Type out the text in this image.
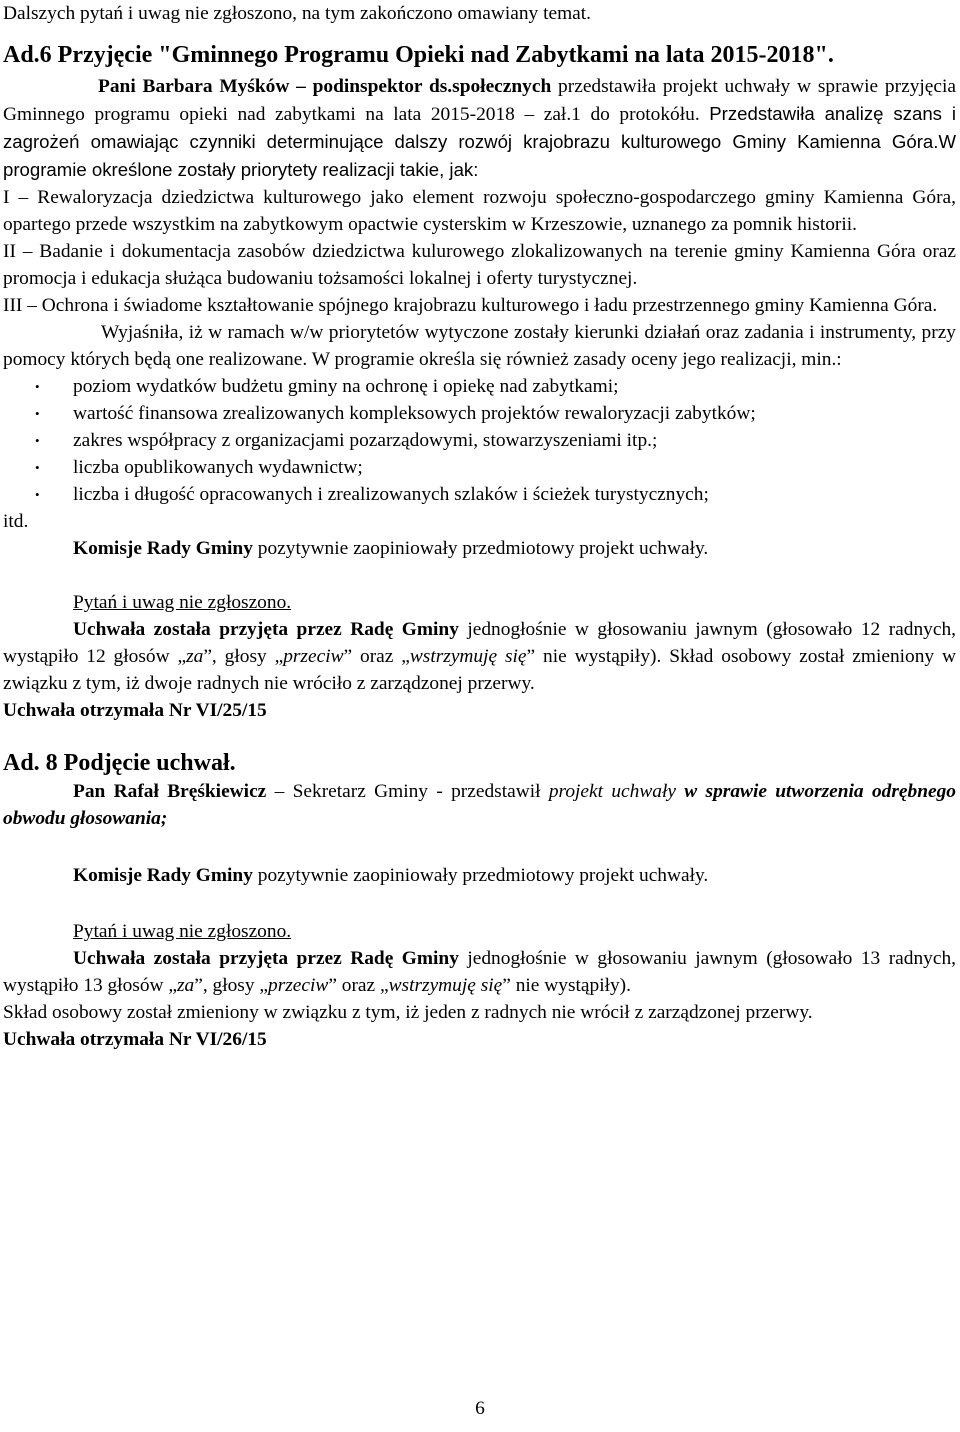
Dalszych pytań i uwag nie zgłoszono, na tym zakończono omawiany temat.

Ad.6 Przyjęcie "Gminnego Programu Opieki nad Zabytkami na lata 2015-2018".

Pani Barbara Myśków – podinspektor ds.społecznych przedstawiła projekt uchwały w sprawie przyjęcia Gminnego programu opieki nad zabytkami na lata 2015-2018 – zał.1 do protokółu. Przedstawiła analizę szans i zagrożeń omawiając czynniki determinujące dalszy rozwój krajobrazu kulturowego Gminy Kamienna Góra.W programie określone zostały priorytety realizacji takie, jak:

I – Rewaloryzacja dziedzictwa kulturowego jako element rozwoju społeczno-gospodarczego gminy Kamienna Góra, opartego przede wszystkim na zabytkowym opactwie cysterskim w Krzeszowie, uznanego za pomnik historii.

II – Badanie i dokumentacja zasobów dziedzictwa kulurowego zlokalizowanych na terenie gminy Kamienna Góra oraz promocja i edukacja służąca budowaniu tożsamości lokalnej i oferty turystycznej.

III – Ochrona i świadome kształtowanie spójnego krajobrazu kulturowego i ładu przestrzennego gminy Kamienna Góra.

Wyjaśniła, iż w ramach w/w priorytetów wytyczone zostały kierunki działań oraz zadania i instrumenty, przy pomocy których będą one realizowane. W programie określa się również zasady oceny jego realizacji, min.:

• poziom wydatków budżetu gminy na ochronę i opiekę nad zabytkami;
• wartość finansowa zrealizowanych kompleksowych projektów rewaloryzacji zabytków;
• zakres współpracy z organizacjami pozarządowymi, stowarzyszeniami itp.;
• liczba opublikowanych wydawnictw;
• liczba i długość opracowanych i zrealizowanych szlaków i ścieżek turystycznych;

itd.

Komisje Rady Gminy pozytywnie zaopiniowały przedmiotowy projekt uchwały.

Pytań i uwag nie zgłoszono.

Uchwała została przyjęta przez Radę Gminy jednogłośnie w głosowaniu jawnym (głosowało 12 radnych, wystąpiło 12 głosów „za”, głosy „przeciw” oraz „wstrzymuję się” nie wystąpiły). Skład osobowy został zmieniony w związku z tym, iż dwoje radnych nie wróciło z zarządzonej przerwy.

Uchwała otrzymała Nr VI/25/15

Ad. 8 Podjęcie uchwał.

Pan Rafał Bręśkiewicz – Sekretarz Gminy - przedstawił projekt uchwały w sprawie utworzenia odrębnego obwodu głosowania;

Komisje Rady Gminy pozytywnie zaopiniowały przedmiotowy projekt uchwały.

Pytań i uwag nie zgłoszono.

Uchwała została przyjęta przez Radę Gminy jednogłośnie w głosowaniu jawnym (głosowało 13 radnych, wystąpiło 13 głosów „za”, głosy „przeciw” oraz „wstrzymuję się” nie wystąpiły).

Skład osobowy został zmieniony w związku z tym, iż jeden z radnych nie wrócił z zarządzonej przerwy.

Uchwała otrzymała Nr VI/26/15

6
